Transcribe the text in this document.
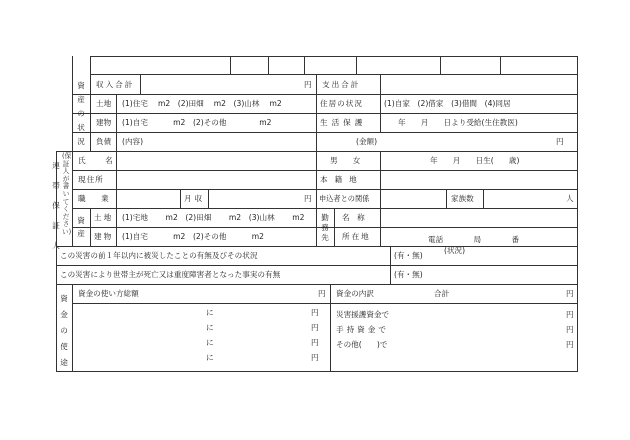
資
産
の
状
況
収入合計	円 支出合計
土地 (1)住宅　 m2　(2)田畑　 m2　(3)山林　 m2	住居の状況	(1)自家　(2)借家　(3)借間　(4)同居
建物 (1)自宅　　　 m2　(2)その他　　　　 m2	生活保護	年　　月　　日より受給(生住教医)
負債 (内容)	(金額)	円
連
帯
保
証
人
(保
証
人
が
書
い
て
く
だ
さ
い)
氏　名	男　　女	年　　月　　日生(　　歳)
現住所	本籍地
職　業	月収	円 申込者との関係	家族数	人
資
産
土地 (1)宅地　　 m2　(2)田畑　　 m2　(3)山林　　 m2
建物 (1)自宅　　　 m2　(2)その他　　　 m2
勤
務
先
名　称
所在地	電話　　　　局　　　　番
この災害の前１年以内に被災したことの有無及びその状況	(有・無)
(状況)
この災害により世帯主が死亡又は重度障害者となった事実の有無	(有・無)
資
金
の
使
途
資金の使い方総額	円
に	円
に	円
に	円
に	円
資金の内訳	合計	円
災害援護資金で	円
手持資金で	円
その他(　　)で	円
